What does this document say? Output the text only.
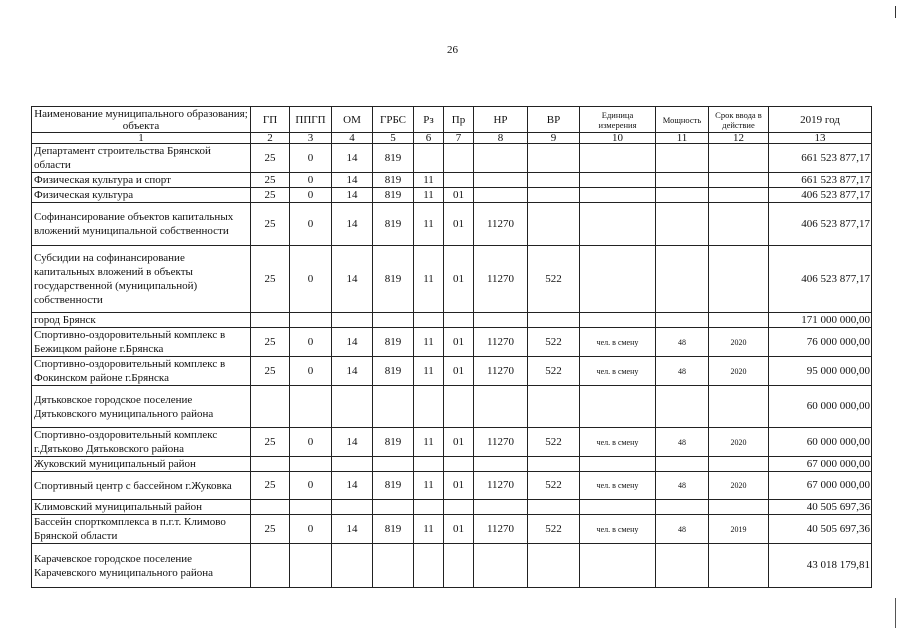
26
Наименование муниципального образования; объекта	ГП	ППГП	ОМ	ГРБС	Рз	Пр	НР	ВР	Единица измерения	Мощность	Срок ввода в действие	2019 год
1	2	3	4	5	6	7	8	9	10	11	12	13
Департамент строительства Брянской области	25	0	14	819								661 523 877,17
Физическая культура и спорт	25	0	14	819	11							661 523 877,17
Физическая культура	25	0	14	819	11	01						406 523 877,17
Софинансирование объектов капитальных вложений муниципальной собственности	25	0	14	819	11	01	11270					406 523 877,17
Субсидии на софинансирование капитальных вложений в объекты государственной (муниципальной) собственности	25	0	14	819	11	01	11270	522				406 523 877,17
город Брянск												171 000 000,00
Спортивно-оздоровительный комплекс в Бежицком районе г.Брянска	25	0	14	819	11	01	11270	522	чел. в смену	48	2020	76 000 000,00
Спортивно-оздоровительный комплекс в Фокинском районе г.Брянска	25	0	14	819	11	01	11270	522	чел. в смену	48	2020	95 000 000,00
Дятьковское городское поселение Дятьковского муниципального района												60 000 000,00
Спортивно-оздоровительный комплекс г.Дятьково Дятьковского района	25	0	14	819	11	01	11270	522	чел. в смену	48	2020	60 000 000,00
Жуковский муниципальный район												67 000 000,00
Спортивный центр с бассейном г.Жуковка	25	0	14	819	11	01	11270	522	чел. в смену	48	2020	67 000 000,00
Климовский муниципальный район												40 505 697,36
Бассейн спорткомплекса в п.г.т. Климово Брянской области	25	0	14	819	11	01	11270	522	чел. в смену	48	2019	40 505 697,36
Карачевское городское поселение Карачевского муниципального района												43 018 179,81
